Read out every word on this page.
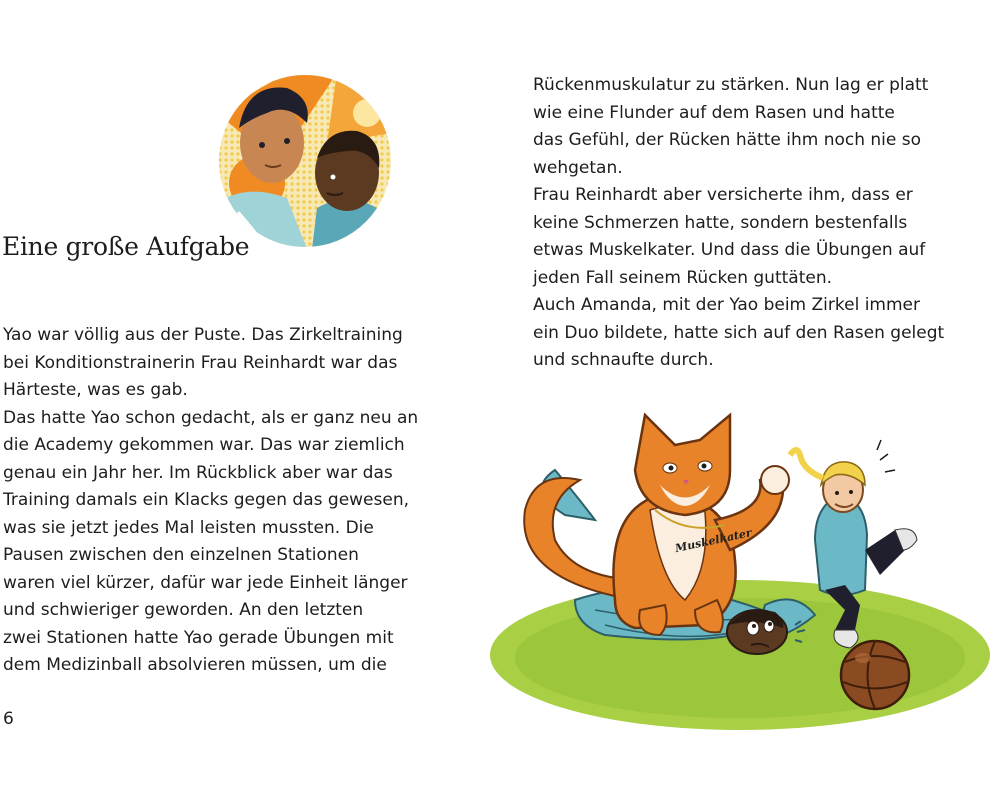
Eine große Aufgabe
Yao war völlig aus der Puste. Das Zirkeltraining
bei Konditionstrainerin Frau Reinhardt war das
Härteste, was es gab.
Das hatte Yao schon gedacht, als er ganz neu an
die Academy gekommen war. Das war ziemlich
genau ein Jahr her. Im Rückblick aber war das
Training damals ein Klacks gegen das gewesen,
was sie jetzt jedes Mal leisten mussten. Die
Pausen zwischen den einzelnen Stationen
waren viel kürzer, dafür war jede Einheit länger
und schwieriger geworden. An den letzten
zwei Stationen hatte Yao gerade Übungen mit
dem Medizinball absolvieren müssen, um die
Rückenmuskulatur zu stärken. Nun lag er platt
wie eine Flunder auf dem Rasen und hatte
das Gefühl, der Rücken hätte ihm noch nie so
wehgetan.
Frau Reinhardt aber versicherte ihm, dass er
keine Schmerzen hatte, sondern bestenfalls
etwas Muskelkater. Und dass die Übungen auf
jeden Fall seinem Rücken guttäten.
Auch Amanda, mit der Yao beim Zirkel immer
ein Duo bildete, hatte sich auf den Rasen gelegt
und schnaufte durch.
Muskelkater
6
